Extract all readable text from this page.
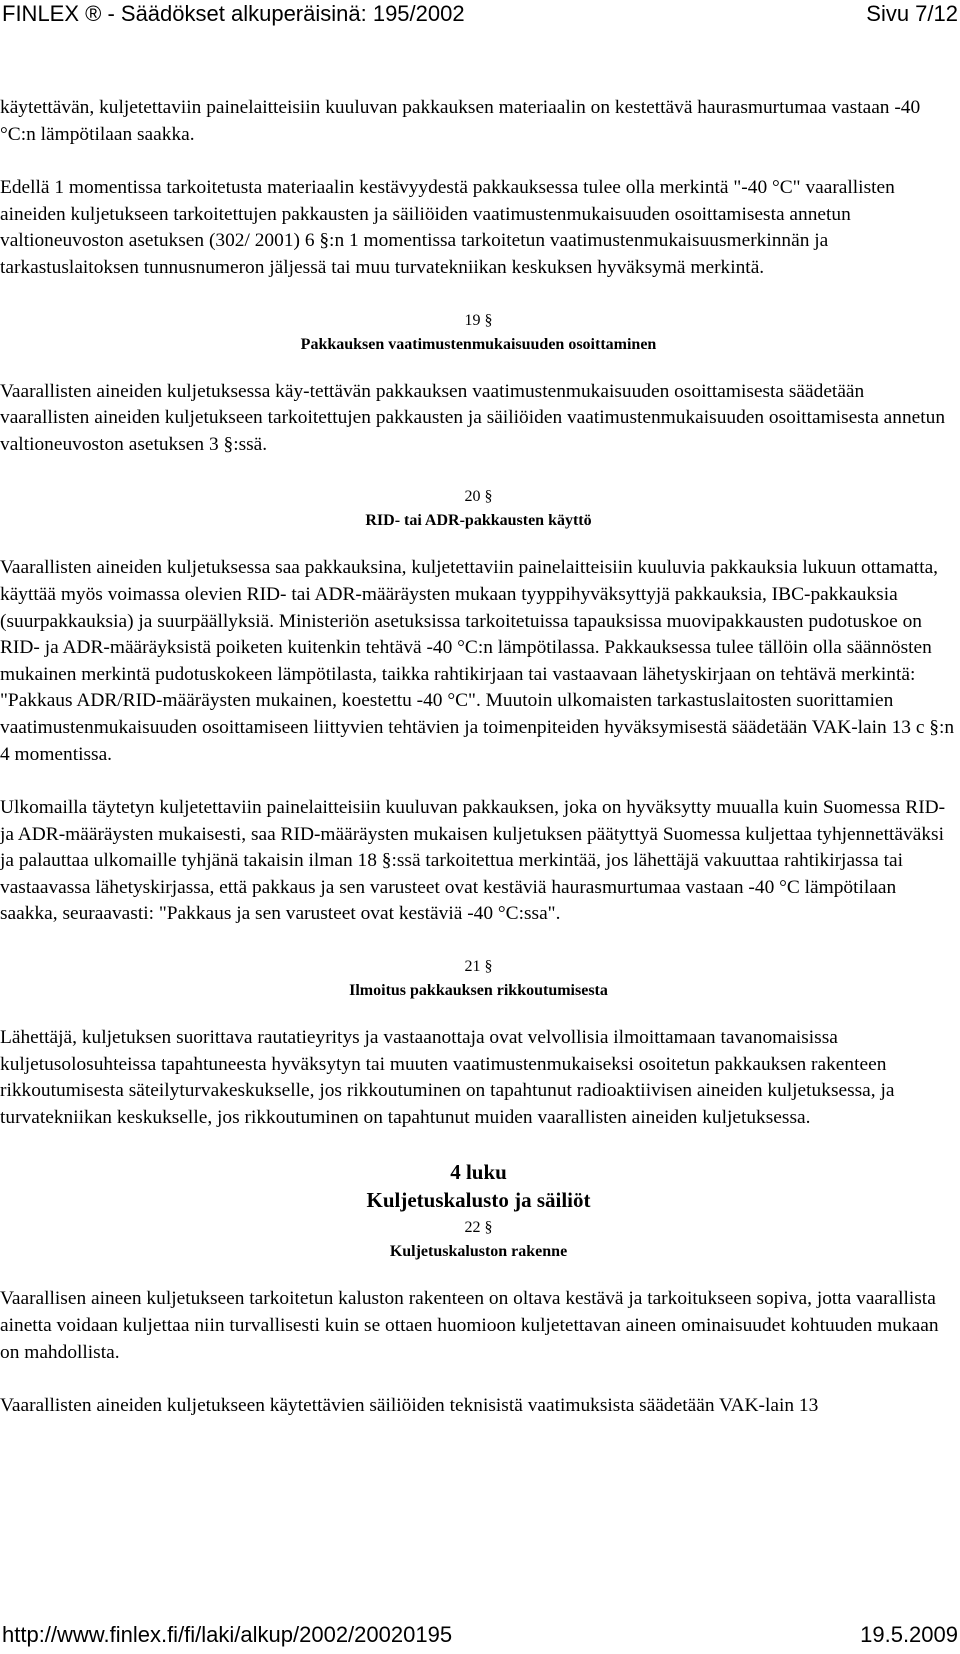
FINLEX ® - Säädökset alkuperäisinä: 195/2002	Sivu 7/12

käytettävän, kuljetettaviin painelaitteisiin kuuluvan pakkauksen materiaalin on kestettävä haurasmurtumaa vastaan -40 °C:n lämpötilaan saakka.

Edellä 1 momentissa tarkoitetusta materiaalin kestävyydestä pakkauksessa tulee olla merkintä "-40 °C" vaarallisten aineiden kuljetukseen tarkoitettujen pakkausten ja säiliöiden vaatimustenmukaisuuden osoittamisesta annetun valtioneuvoston asetuksen (302/ 2001) 6 §:n 1 momentissa tarkoitetun vaatimustenmukaisuusmerkinnän ja tarkastuslaitoksen tunnusnumeron jäljessä tai muu turvatekniikan keskuksen hyväksymä merkintä.

19 §
Pakkauksen vaatimustenmukaisuuden osoittaminen

Vaarallisten aineiden kuljetuksessa käy-tettävän pakkauksen vaatimustenmukaisuuden osoittamisesta säädetään vaarallisten aineiden kuljetukseen tarkoitettujen pakkausten ja säiliöiden vaatimustenmukaisuuden osoittamisesta annetun valtioneuvoston asetuksen 3 §:ssä.

20 §
RID- tai ADR-pakkausten käyttö

Vaarallisten aineiden kuljetuksessa saa pakkauksina, kuljetettaviin painelaitteisiin kuuluvia pakkauksia lukuun ottamatta, käyttää myös voimassa olevien RID- tai ADR-määräysten mukaan tyyppihyväksyttyjä pakkauksia, IBC-pakkauksia (suurpakkauksia) ja suurpäällyksiä. Ministeriön asetuksissa tarkoitetuissa tapauksissa muovipakkausten pudotuskoe on RID- ja ADR-määräyksistä poiketen kuitenkin tehtävä -40 °C:n lämpötilassa. Pakkauksessa tulee tällöin olla säännösten mukainen merkintä pudotuskokeen lämpötilasta, taikka rahtikirjaan tai vastaavaan lähetyskirjaan on tehtävä merkintä: "Pakkaus ADR/RID-määräysten mukainen, koestettu -40 °C". Muutoin ulkomaisten tarkastuslaitosten suorittamien vaatimustenmukaisuuden osoittamiseen liittyvien tehtävien ja toimenpiteiden hyväksymisestä säädetään VAK-lain 13 c §:n 4 momentissa.

Ulkomailla täytetyn kuljetettaviin painelaitteisiin kuuluvan pakkauksen, joka on hyväksytty muualla kuin Suomessa RID- ja ADR-määräysten mukaisesti, saa RID-määräysten mukaisen kuljetuksen päätyttyä Suomessa kuljettaa tyhjennettäväksi ja palauttaa ulkomaille tyhjänä takaisin ilman 18 §:ssä tarkoitettua merkintää, jos lähettäjä vakuuttaa rahtikirjassa tai vastaavassa lähetyskirjassa, että pakkaus ja sen varusteet ovat kestäviä haurasmurtumaa vastaan -40 °C lämpötilaan saakka, seuraavasti: "Pakkaus ja sen varusteet ovat kestäviä -40 °C:ssa".

21 §
Ilmoitus pakkauksen rikkoutumisesta

Lähettäjä, kuljetuksen suorittava rautatieyritys ja vastaanottaja ovat velvollisia ilmoittamaan tavanomaisissa kuljetusolosuhteissa tapahtuneesta hyväksytyn tai muuten vaatimustenmukaiseksi osoitetun pakkauksen rakenteen rikkoutumisesta säteilyturvakeskukselle, jos rikkoutuminen on tapahtunut radioaktiivisen aineiden kuljetuksessa, ja turvatekniikan keskukselle, jos rikkoutuminen on tapahtunut muiden vaarallisten aineiden kuljetuksessa.

4 luku
Kuljetuskalusto ja säiliöt
22 §
Kuljetuskaluston rakenne

Vaarallisen aineen kuljetukseen tarkoitetun kaluston rakenteen on oltava kestävä ja tarkoitukseen sopiva, jotta vaarallista ainetta voidaan kuljettaa niin turvallisesti kuin se ottaen huomioon kuljetettavan aineen ominaisuudet kohtuuden mukaan on mahdollista.

Vaarallisten aineiden kuljetukseen käytettävien säiliöiden teknisistä vaatimuksista säädetään VAK-lain 13

http://www.finlex.fi/fi/laki/alkup/2002/20020195	19.5.2009
